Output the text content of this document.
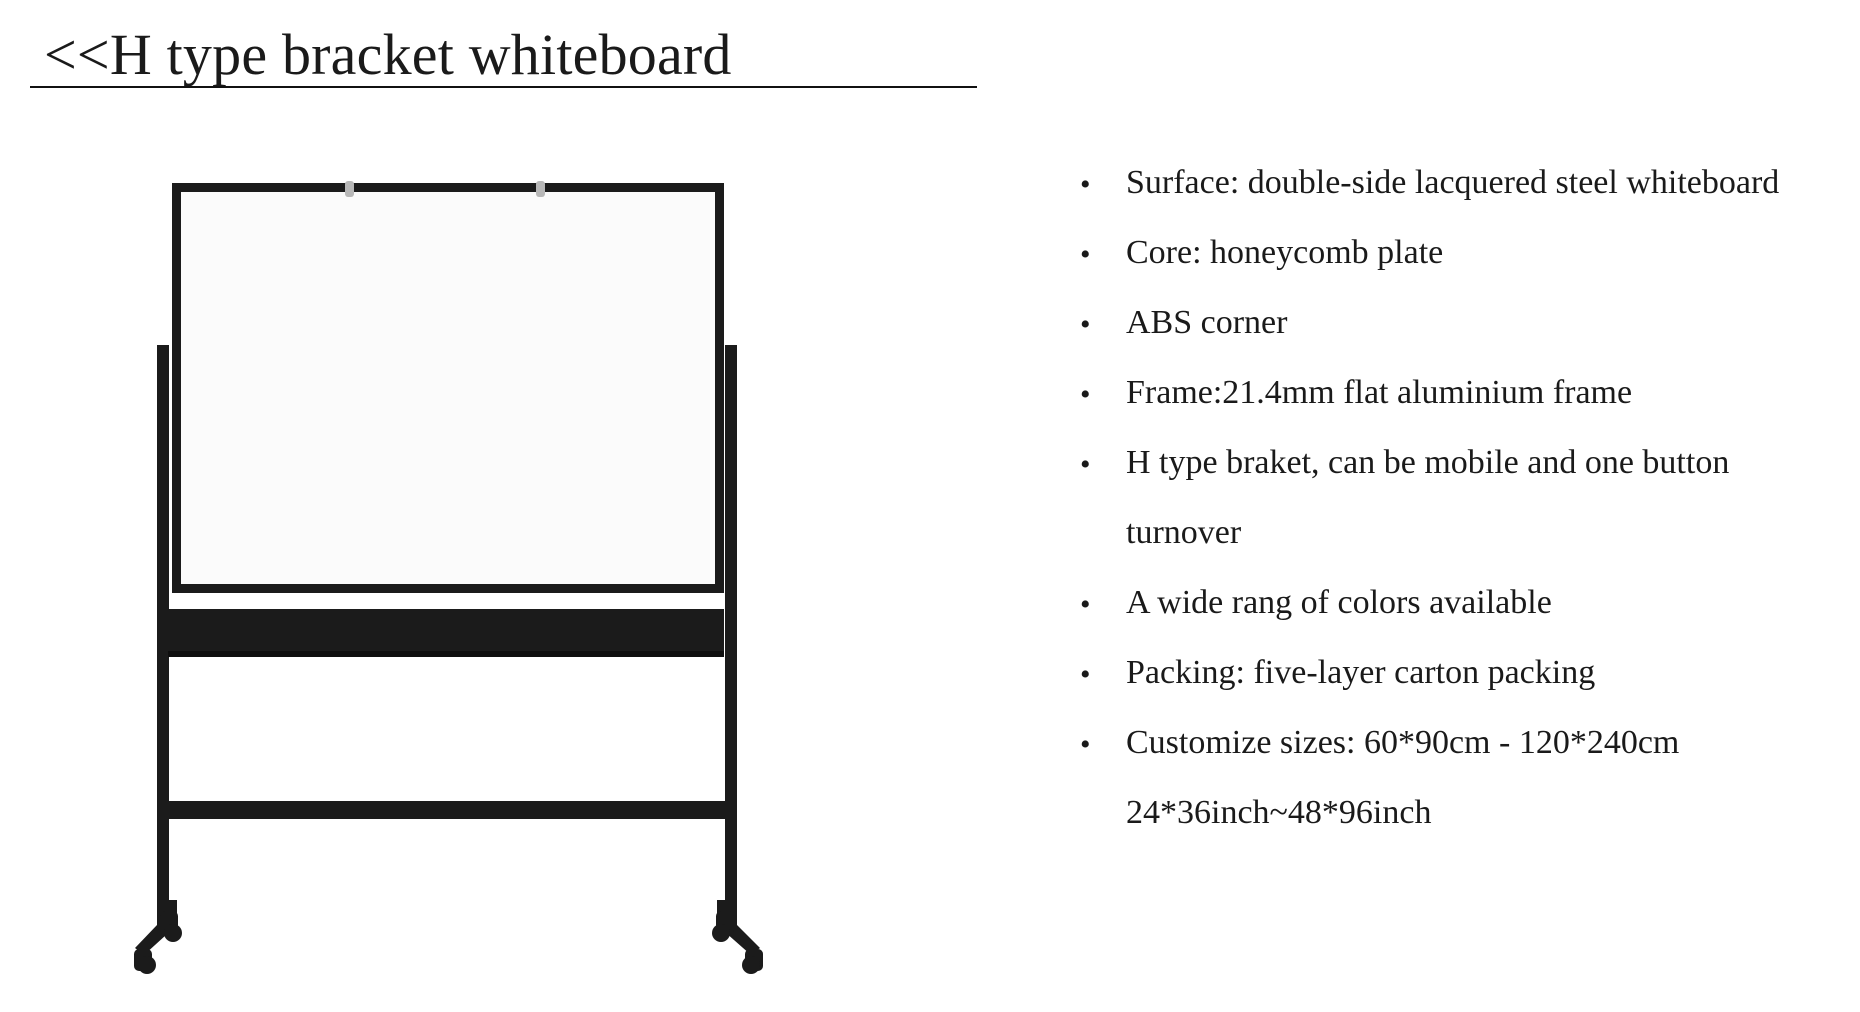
<<H type bracket whiteboard
• Surface: double-side lacquered steel whiteboard
• Core: honeycomb plate
• ABS corner
• Frame:21.4mm flat aluminium frame
• H type braket, can be mobile and one button
turnover
• A wide rang of colors available
• Packing: five-layer carton packing
• Customize sizes: 60*90cm - 120*240cm
24*36inch~48*96inch
